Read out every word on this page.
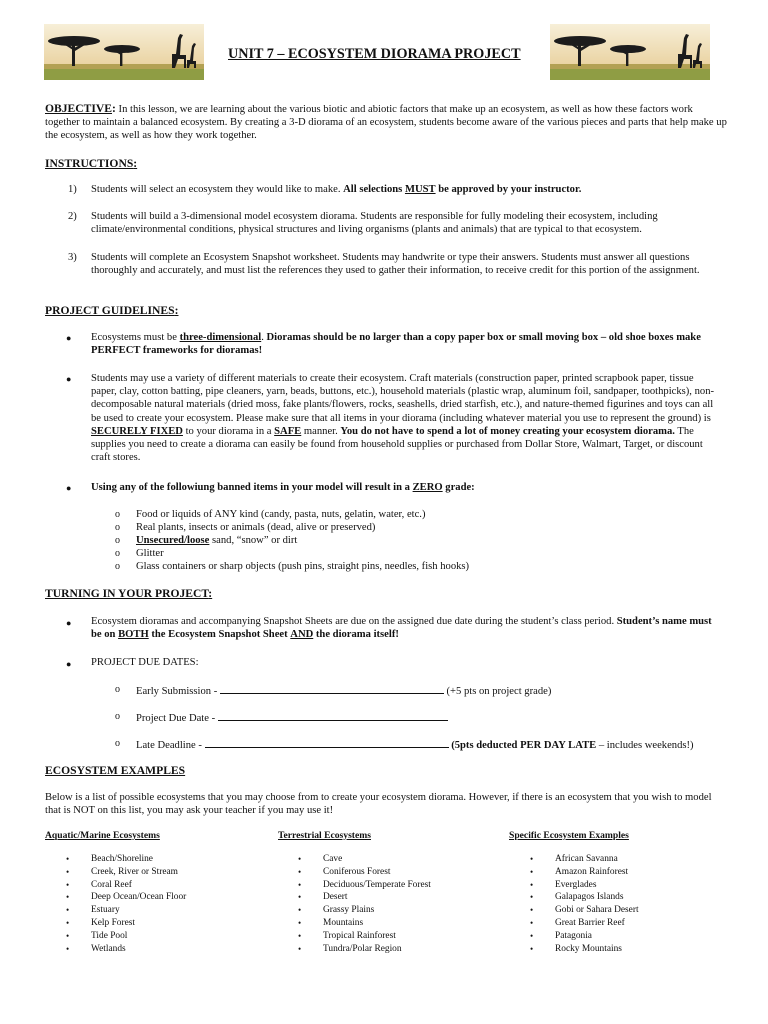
UNIT 7 – ECOSYSTEM DIORAMA PROJECT
OBJECTIVE: In this lesson, we are learning about the various biotic and abiotic factors that make up an ecosystem, as well as how these factors work together to maintain a balanced ecosystem. By creating a 3-D diorama of an ecosystem, students become aware of the various pieces and parts that help make up the ecosystem, as well as how they work together.
INSTRUCTIONS:
1) Students will select an ecosystem they would like to make. All selections MUST be approved by your instructor.
2) Students will build a 3-dimensional model ecosystem diorama. Students are responsible for fully modeling their ecosystem, including climate/environmental conditions, physical structures and living organisms (plants and animals) that are typical to that ecosystem.
3) Students will complete an Ecosystem Snapshot worksheet. Students may handwrite or type their answers. Students must answer all questions thoroughly and accurately, and must list the references they used to gather their information, to receive credit for this portion of the assignment.
PROJECT GUIDELINES:
● Ecosystems must be three-dimensional. Dioramas should be no larger than a copy paper box or small moving box – old shoe boxes make PERFECT frameworks for dioramas!
● Students may use a variety of different materials to create their ecosystem. Craft materials (construction paper, printed scrapbook paper, tissue paper, clay, cotton batting, pipe cleaners, yarn, beads, buttons, etc.), household materials (plastic wrap, aluminum foil, sandpaper, toothpicks), non-decomposable natural materials (dried moss, fake plants/flowers, rocks, seashells, dried starfish, etc.), and nature-themed figurines and toys can all be used to create your ecosystem. Please make sure that all items in your diorama (including whatever material you use to represent the ground) is SECURELY FIXED to your diorama in a SAFE manner. You do not have to spend a lot of money creating your ecosystem diorama. The supplies you need to create a diorama can easily be found from household supplies or purchased from Dollar Store, Walmart, Target, or discount craft stores.
● Using any of the followiung banned items in your model will result in a ZERO grade:
o Food or liquids of ANY kind (candy, pasta, nuts, gelatin, water, etc.)
o Real plants, insects or animals (dead, alive or preserved)
o Unsecured/loose sand, “snow” or dirt
o Glitter
o Glass containers or sharp objects (push pins, straight pins, needles, fish hooks)
TURNING IN YOUR PROJECT:
● Ecosystem dioramas and accompanying Snapshot Sheets are due on the assigned due date during the student’s class period. Student’s name must be on BOTH the Ecosystem Snapshot Sheet AND the diorama itself!
● PROJECT DUE DATES:
o Early Submission -	(+5 pts on project grade)
o Project Due Date -
o Late Deadline -	(5pts deducted PER DAY LATE – includes weekends!)
ECOSYSTEM EXAMPLES
Below is a list of possible ecosystems that you may choose from to create your ecosystem diorama. However, if there is an ecosystem that you wish to model that is NOT on this list, you may ask your teacher if you may use it!
Aquatic/Marine Ecosystems	Terrestrial Ecosystems	Specific Ecosystem Examples
• Beach/Shoreline
• Creek, River or Stream
• Coral Reef
• Deep Ocean/Ocean Floor
• Estuary
• Kelp Forest
• Tide Pool
• Wetlands
• Cave
• Coniferous Forest
• Deciduous/Temperate Forest
• Desert
• Grassy Plains
• Mountains
• Tropical Rainforest
• Tundra/Polar Region
• African Savanna
• Amazon Rainforest
• Everglades
• Galapagos Islands
• Gobi or Sahara Desert
• Great Barrier Reef
• Patagonia
• Rocky Mountains
